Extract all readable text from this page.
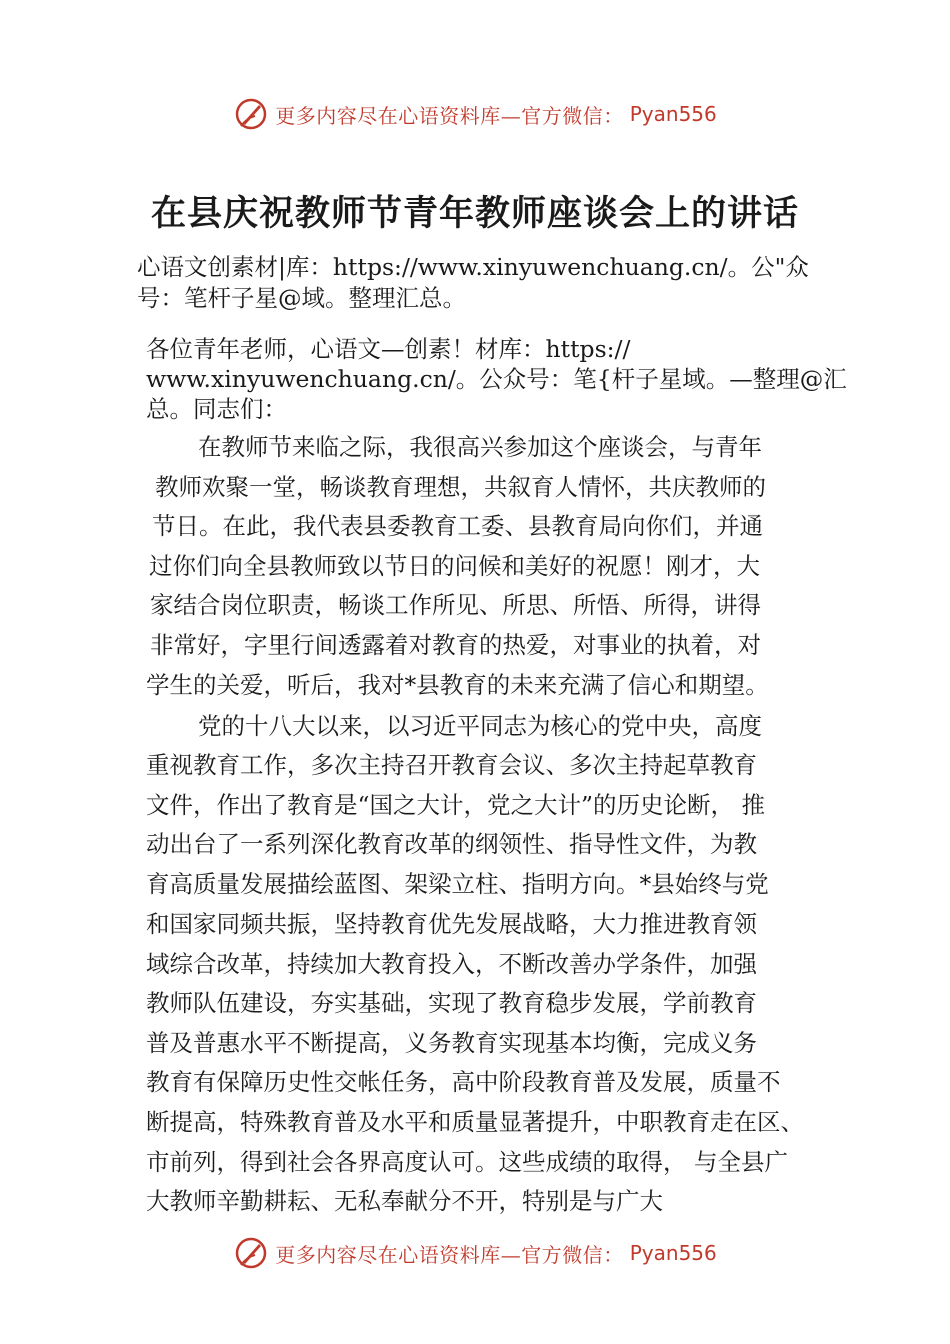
更多内容尽在心语资料库—官方微信： Pyan556
在县庆祝教师节青年教师座谈会上的讲话
心语文创素材|库：https://www.xinyuwenchuang.cn/。公"众
号：笔杆子星@域。整理汇总。
各位青年老师，心语文—创素！材库：https://
www.xinyuwenchuang.cn/。公众号：笔{杆子星域。—整理@汇
总。同志们：
在教师节来临之际，我很高兴参加这个座谈会，与青年
教师欢聚一堂，畅谈教育理想，共叙育人情怀，共庆教师的
节日。在此，我代表县委教育工委、县教育局向你们，并通
过你们向全县教师致以节日的问候和美好的祝愿！刚才，大
家结合岗位职责，畅谈工作所见、所思、所悟、所得，讲得
非常好，字里行间透露着对教育的热爱，对事业的执着，对
学生的关爱，听后，我对*县教育的未来充满了信心和期望。
党的十八大以来，以习近平同志为核心的党中央，高度
重视教育工作，多次主持召开教育会议、多次主持起草教育
文件，作出了教育是“国之大计，党之大计”的历史论断， 推
动出台了一系列深化教育改革的纲领性、指导性文件，为教
育高质量发展描绘蓝图、架梁立柱、指明方向。*县始终与党
和国家同频共振，坚持教育优先发展战略，大力推进教育领
域综合改革，持续加大教育投入，不断改善办学条件，加强
教师队伍建设，夯实基础，实现了教育稳步发展，学前教育
普及普惠水平不断提高，义务教育实现基本均衡，完成义务
教育有保障历史性交帐任务，高中阶段教育普及发展，质量不
断提高，特殊教育普及水平和质量显著提升，中职教育走在区、
市前列，得到社会各界高度认可。这些成绩的取得， 与全县广
大教师辛勤耕耘、无私奉献分不开，特别是与广大
更多内容尽在心语资料库—官方微信： Pyan556
